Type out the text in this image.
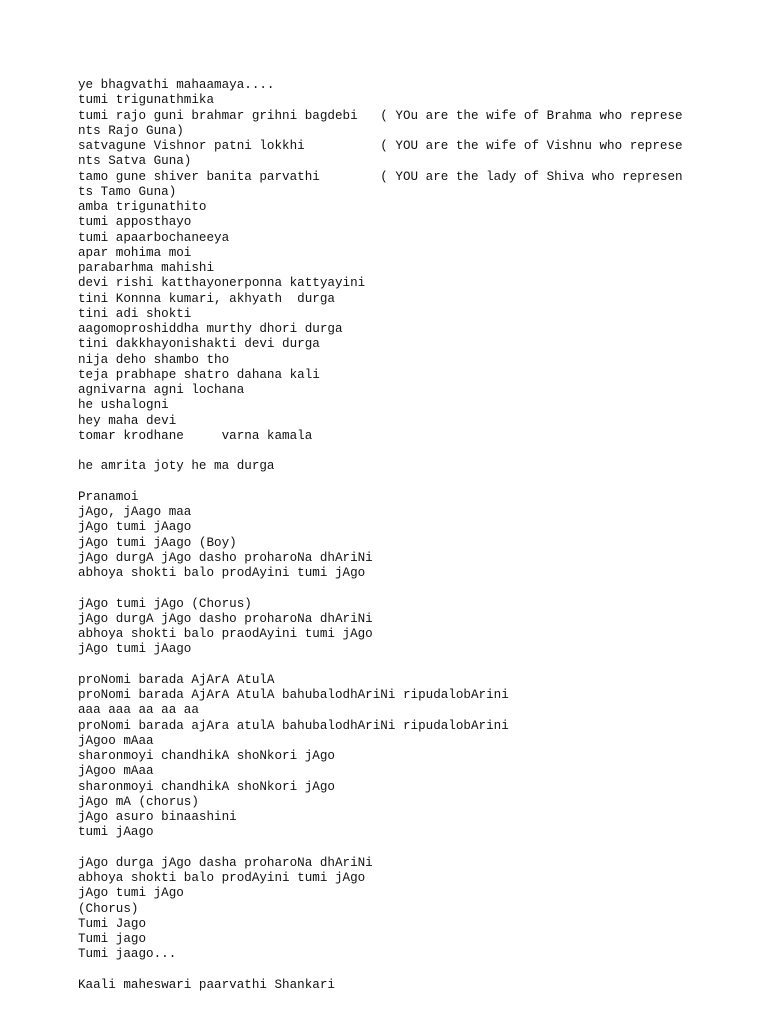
ye bhagvathi mahaamaya....
tumi trigunathmika
tumi rajo guni brahmar grihni bagdebi   ( YOu are the wife of Brahma who represe
nts Rajo Guna)
satvagune Vishnor patni lokkhi          ( YOU are the wife of Vishnu who represe
nts Satva Guna)
tamo gune shiver banita parvathi        ( YOU are the lady of Shiva who represen
ts Tamo Guna)
amba trigunathito
tumi apposthayo
tumi apaarbochaneeya
apar mohima moi
parabarhma mahishi
devi rishi katthayonerponna kattyayini
tini Konnna kumari, akhyath  durga
tini adi shokti
aagomoproshiddha murthy dhori durga
tini dakkhayonishakti devi durga
nija deho shambo tho
teja prabhape shatro dahana kali
agnivarna agni lochana
he ushalogni
hey maha devi
tomar krodhane     varna kamala
he amrita joty he ma durga
Pranamoi
jAgo, jAago maa
jAgo tumi jAago
jAgo tumi jAago (Boy)
jAgo durgA jAgo dasho proharoNa dhAriNi
abhoya shokti balo prodAyini tumi jAgo
jAgo tumi jAgo (Chorus)
jAgo durgA jAgo dasho proharoNa dhAriNi
abhoya shokti balo praodAyini tumi jAgo
jAgo tumi jAago
proNomi barada AjArA AtulA
proNomi barada AjArA AtulA bahubalodhAriNi ripudalobArini
aaa aaa aa aa aa
proNomi barada ajAra atulA bahubalodhAriNi ripudalobArini
jAgoo mAaa
sharonmoyi chandhikA shoNkori jAgo
jAgoo mAaa
sharonmoyi chandhikA shoNkori jAgo
jAgo mA (chorus)
jAgo asuro binaashini
tumi jAago
jAgo durga jAgo dasha proharoNa dhAriNi
abhoya shokti balo prodAyini tumi jAgo
jAgo tumi jAgo
(Chorus)
Tumi Jago
Tumi jago
Tumi jaago...
Kaali maheswari paarvathi Shankari
